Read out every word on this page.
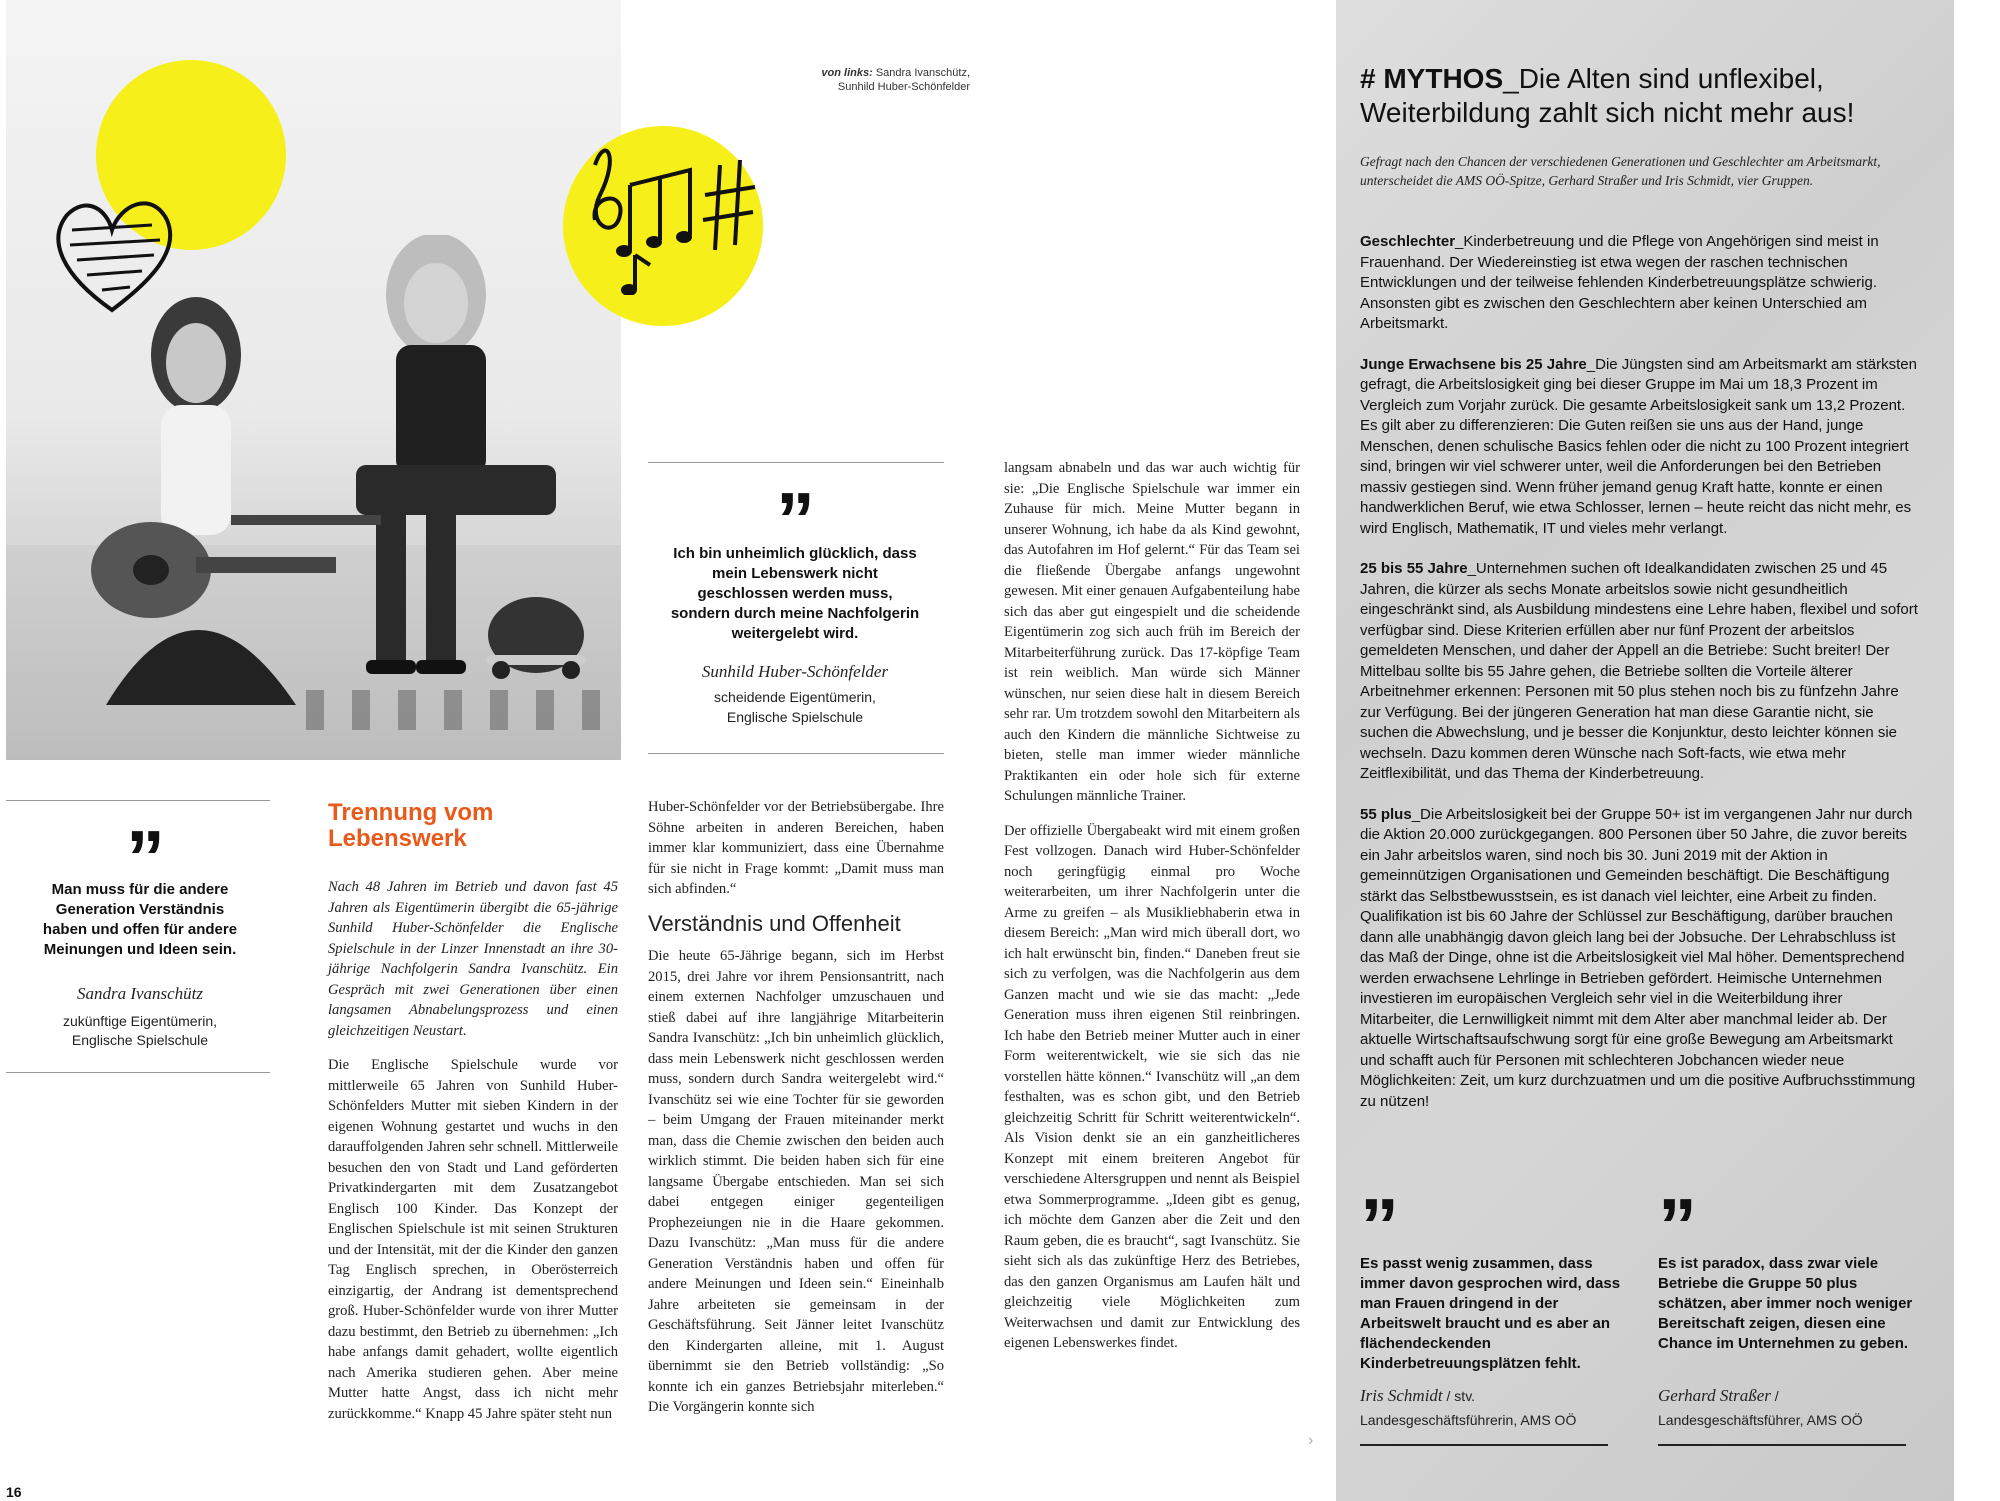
von links: Sandra Ivanschütz,
Sunhild Huber-Schönfelder
”
Man muss für die andere Generation Verständnis haben und offen für andere Meinungen und Ideen sein.
Sandra Ivanschütz
zukünftige Eigentümerin,
Englische Spielschule
”
Ich bin unheimlich glücklich, dass mein Lebenswerk nicht geschlossen werden muss, sondern durch meine Nachfolgerin weitergelebt wird.
Sunhild Huber-Schönfelder
scheidende Eigentümerin,
Englische Spielschule
Trennung vom
Lebenswerk

Nach 48 Jahren im Betrieb und davon fast 45 Jahren als Eigentümerin übergibt die 65-jährige Sunhild Huber-Schönfelder die Englische Spielschule in der Linzer Innenstadt an ihre 30-jährige Nachfolgerin Sandra Ivanschütz. Ein Gespräch mit zwei Generationen über einen langsamen Abnabelungsprozess und einen gleichzeitigen Neustart.

Die Englische Spielschule wurde vor mittlerweile 65 Jahren von Sunhild Huber-Schönfelders Mutter mit sieben Kindern in der eigenen Wohnung gestartet und wuchs in den darauffolgenden Jahren sehr schnell. Mittlerweile besuchen den von Stadt und Land geförderten Privatkindergarten mit dem Zusatzangebot Englisch 100 Kinder. Das Konzept der Englischen Spielschule ist mit seinen Strukturen und der Intensität, mit der die Kinder den ganzen Tag Englisch sprechen, in Oberösterreich einzigartig, der Andrang ist dementsprechend groß. Huber-Schönfelder wurde von ihrer Mutter dazu bestimmt, den Betrieb zu übernehmen: „Ich habe anfangs damit gehadert, wollte eigentlich nach Amerika studieren gehen. Aber meine Mutter hatte Angst, dass ich nicht mehr zurückkomme.“ Knapp 45 Jahre später steht nun

Huber-Schönfelder vor der Betriebsübergabe. Ihre Söhne arbeiten in anderen Bereichen, haben immer klar kommuniziert, dass eine Übernahme für sie nicht in Frage kommt: „Damit muss man sich abfinden.“

Verständnis und Offenheit

Die heute 65-Jährige begann, sich im Herbst 2015, drei Jahre vor ihrem Pensionsantritt, nach einem externen Nachfolger umzuschauen und stieß dabei auf ihre langjährige Mitarbeiterin Sandra Ivanschütz: „Ich bin unheimlich glücklich, dass mein Lebenswerk nicht geschlossen werden muss, sondern durch Sandra weitergelebt wird.“ Ivanschütz sei wie eine Tochter für sie geworden – beim Umgang der Frauen miteinander merkt man, dass die Chemie zwischen den beiden auch wirklich stimmt. Die beiden haben sich für eine langsame Übergabe entschieden. Man sei sich dabei entgegen einiger gegenteiligen Prophezeiungen nie in die Haare gekommen. Dazu Ivanschütz: „Man muss für die andere Generation Verständnis haben und offen für andere Meinungen und Ideen sein.“ Eineinhalb Jahre arbeiteten sie gemeinsam in der Geschäftsführung. Seit Jänner leitet Ivanschütz den Kindergarten alleine, mit 1. August übernimmt sie den Betrieb vollständig: „So konnte ich ein ganzes Betriebsjahr miterleben.“ Die Vorgängerin konnte sich

langsam abnabeln und das war auch wichtig für sie: „Die Englische Spielschule war immer ein Zuhause für mich. Meine Mutter begann in unserer Wohnung, ich habe da als Kind gewohnt, das Autofahren im Hof gelernt.“ Für das Team sei die fließende Übergabe anfangs ungewohnt gewesen. Mit einer genauen Aufgabenteilung habe sich das aber gut eingespielt und die scheidende Eigentümerin zog sich auch früh im Bereich der Mitarbeiterführung zurück. Das 17-köpfige Team ist rein weiblich. Man würde sich Männer wünschen, nur seien diese halt in diesem Bereich sehr rar. Um trotzdem sowohl den Mitarbeitern als auch den Kindern die männliche Sichtweise zu bieten, stelle man immer wieder männliche Praktikanten ein oder hole sich für externe Schulungen männliche Trainer.

Der offizielle Übergabeakt wird mit einem großen Fest vollzogen. Danach wird Huber-Schönfelder noch geringfügig einmal pro Woche weiterarbeiten, um ihrer Nachfolgerin unter die Arme zu greifen – als Musikliebhaberin etwa in diesem Bereich: „Man wird mich überall dort, wo ich halt erwünscht bin, finden.“ Daneben freut sie sich zu verfolgen, was die Nachfolgerin aus dem Ganzen macht und wie sie das macht: „Jede Generation muss ihren eigenen Stil reinbringen. Ich habe den Betrieb meiner Mutter auch in einer Form weiterentwickelt, wie sie sich das nie vorstellen hätte können.“ Ivanschütz will „an dem festhalten, was es schon gibt, und den Betrieb gleichzeitig Schritt für Schritt weiterentwickeln“. Als Vision denkt sie an ein ganzheitlicheres Konzept mit einem breiteren Angebot für verschiedene Altersgruppen und nennt als Beispiel etwa Sommerprogramme. „Ideen gibt es genug, ich möchte dem Ganzen aber die Zeit und den Raum geben, die es braucht“, sagt Ivanschütz. Sie sieht sich als das zukünftige Herz des Betriebes, das den ganzen Organismus am Laufen hält und gleichzeitig viele Möglichkeiten zum Weiterwachsen und damit zur Entwicklung des eigenen Lebenswerkes findet.

›
# MYTHOS_Die Alten sind unflexibel, Weiterbildung zahlt sich nicht mehr aus!
Gefragt nach den Chancen der verschiedenen Generationen und Geschlechter am Arbeitsmarkt, unterscheidet die AMS OÖ-Spitze, Gerhard Straßer und Iris Schmidt, vier Gruppen.

Geschlechter_Kinderbetreuung und die Pflege von Angehörigen sind meist in Frauenhand. Der Wiedereinstieg ist etwa wegen der raschen technischen Entwicklungen und der teilweise fehlenden Kinderbetreuungsplätze schwierig. Ansonsten gibt es zwischen den Geschlechtern aber keinen Unterschied am Arbeitsmarkt.

Junge Erwachsene bis 25 Jahre_Die Jüngsten sind am Arbeitsmarkt am stärksten gefragt, die Arbeitslosigkeit ging bei dieser Gruppe im Mai um 18,3 Prozent im Vergleich zum Vorjahr zurück. Die gesamte Arbeitslosigkeit sank um 13,2 Prozent. Es gilt aber zu differenzieren: Die Guten reißen sie uns aus der Hand, junge Menschen, denen schulische Basics fehlen oder die nicht zu 100 Prozent integriert sind, bringen wir viel schwerer unter, weil die Anforderungen bei den Betrieben massiv gestiegen sind. Wenn früher jemand genug Kraft hatte, konnte er einen handwerklichen Beruf, wie etwa Schlosser, lernen – heute reicht das nicht mehr, es wird Englisch, Mathematik, IT und vieles mehr verlangt.

25 bis 55 Jahre_Unternehmen suchen oft Idealkandidaten zwischen 25 und 45 Jahren, die kürzer als sechs Monate arbeitslos sowie nicht gesundheitlich eingeschränkt sind, als Ausbildung mindestens eine Lehre haben, flexibel und sofort verfügbar sind. Diese Kriterien erfüllen aber nur fünf Prozent der arbeitslos gemeldeten Menschen, und daher der Appell an die Betriebe: Sucht breiter! Der Mittelbau sollte bis 55 Jahre gehen, die Betriebe sollten die Vorteile älterer Arbeitnehmer erkennen: Personen mit 50 plus stehen noch bis zu fünfzehn Jahre zur Verfügung. Bei der jüngeren Generation hat man diese Garantie nicht, sie suchen die Abwechslung, und je besser die Konjunktur, desto leichter können sie wechseln. Dazu kommen deren Wünsche nach Soft-facts, wie etwa mehr Zeitflexibilität, und das Thema der Kinderbetreuung.

55 plus_Die Arbeitslosigkeit bei der Gruppe 50+ ist im vergangenen Jahr nur durch die Aktion 20.000 zurückgegangen. 800 Personen über 50 Jahre, die zuvor bereits ein Jahr arbeitslos waren, sind noch bis 30. Juni 2019 mit der Aktion in gemeinnützigen Organisationen und Gemeinden beschäftigt. Die Beschäftigung stärkt das Selbstbewusstsein, es ist danach viel leichter, eine Arbeit zu finden. Qualifikation ist bis 60 Jahre der Schlüssel zur Beschäftigung, darüber brauchen dann alle unabhängig davon gleich lang bei der Jobsuche. Der Lehrabschluss ist das Maß der Dinge, ohne ist die Arbeitslosigkeit viel Mal höher. Dementsprechend werden erwachsene Lehrlinge in Betrieben gefördert. Heimische Unternehmen investieren im europäischen Vergleich sehr viel in die Weiterbildung ihrer Mitarbeiter, die Lernwilligkeit nimmt mit dem Alter aber manchmal leider ab. Der aktuelle Wirtschaftsaufschwung sorgt für eine große Bewegung am Arbeitsmarkt und schafft auch für Personen mit schlechteren Jobchancen wieder neue Möglichkeiten: Zeit, um kurz durchzuatmen und um die positive Aufbruchsstimmung zu nützen!

”
Es passt wenig zusammen, dass immer davon gesprochen wird, dass man Frauen dringend in der Arbeitswelt braucht und es aber an flächendeckenden Kinderbetreuungsplätzen fehlt.
Iris Schmidt / stv.
Landesgeschäftsführerin, AMS OÖ
”
Es ist paradox, dass zwar viele Betriebe die Gruppe 50 plus schätzen, aber immer noch weniger Bereitschaft zeigen, diesen eine Chance im Unternehmen zu geben.
Gerhard Straßer /
Landesgeschäftsführer, AMS OÖ
16
